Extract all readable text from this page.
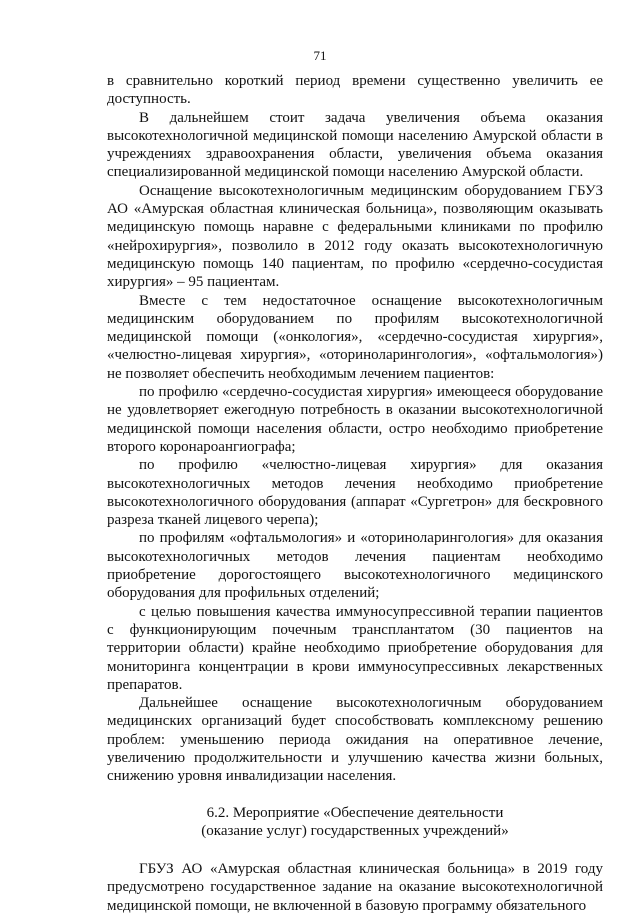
71

в сравнительно короткий период времени существенно увеличить ее доступность.

В дальнейшем стоит задача увеличения объема оказания высокотехнологичной медицинской помощи населению Амурской области в учреждениях здравоохранения области, увеличения объема оказания специализированной медицинской помощи населению Амурской области.

Оснащение высокотехнологичным медицинским оборудованием ГБУЗ АО «Амурская областная клиническая больница», позволяющим оказывать медицинскую помощь наравне с федеральными клиниками по профилю «нейрохирургия», позволило в 2012 году оказать высокотехнологичную медицинскую помощь 140 пациентам, по профилю «сердечно-сосудистая хирургия» – 95 пациентам.

Вместе с тем недостаточное оснащение высокотехнологичным медицинским оборудованием по профилям высокотехнологичной медицинской помощи («онкология», «сердечно-сосудистая хирургия», «челюстно-лицевая хирургия», «оториноларингология», «офтальмология») не позволяет обеспечить необходимым лечением пациентов:

по профилю «сердечно-сосудистая хирургия» имеющееся оборудование не удовлетворяет ежегодную потребность в оказании высокотехнологичной медицинской помощи населения области, остро необходимо приобретение второго коронароангиографа;

по профилю «челюстно-лицевая хирургия» для оказания высокотехнологичных методов лечения необходимо приобретение высокотехнологичного оборудования (аппарат «Сургетрон» для бескровного разреза тканей лицевого черепа);

по профилям «офтальмология» и «оториноларингология» для оказания высокотехнологичных методов лечения пациентам необходимо приобретение дорогостоящего высокотехнологичного медицинского оборудования для профильных отделений;

с целью повышения качества иммуносупрессивной терапии пациентов с функционирующим почечным трансплантатом (30 пациентов на территории области) крайне необходимо приобретение оборудования для мониторинга концентрации в крови иммуносупрессивных лекарственных препаратов.

Дальнейшее оснащение высокотехнологичным оборудованием медицинских организаций будет способствовать комплексному решению проблем: уменьшению периода ожидания на оперативное лечение, увеличению продолжительности и улучшению качества жизни больных, снижению уровня инвалидизации населения.

6.2. Мероприятие «Обеспечение деятельности
(оказание услуг) государственных учреждений»

ГБУЗ АО «Амурская областная клиническая больница» в 2019 году предусмотрено государственное задание на оказание высокотехнологичной медицинской помощи, не включенной в базовую программу обязательного
